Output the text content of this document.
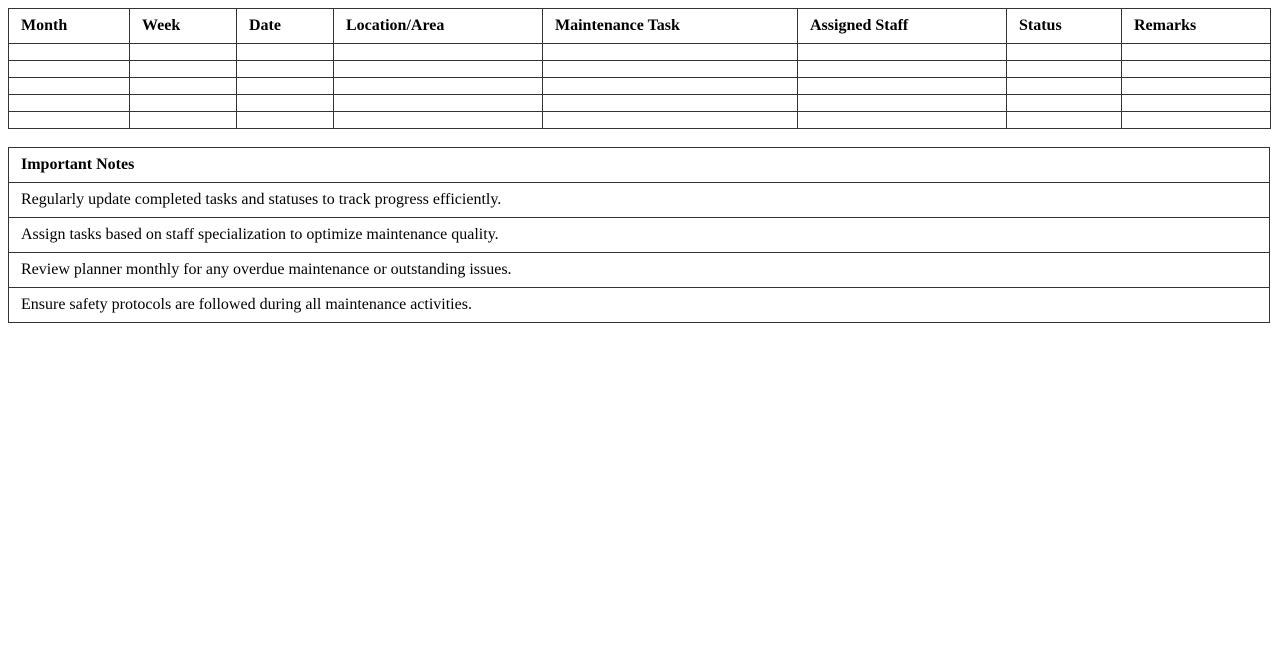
Month	Week	Date	Location/Area	Maintenance Task	Assigned Staff	Status	Remarks

Important Notes
Regularly update completed tasks and statuses to track progress efficiently.
Assign tasks based on staff specialization to optimize maintenance quality.
Review planner monthly for any overdue maintenance or outstanding issues.
Ensure safety protocols are followed during all maintenance activities.
